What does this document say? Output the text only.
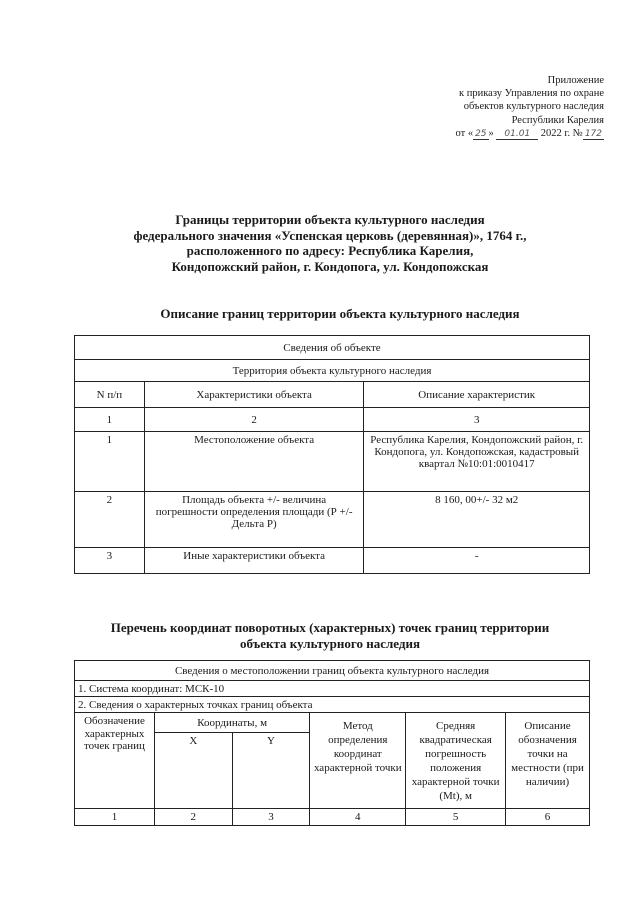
Приложение
к приказу Управления по охране
объектов культурного наследия
Республики Карелия
от « 25 » 01.01 2022 г. № 172
Границы территории объекта культурного наследия
федерального значения «Успенская церковь (деревянная)», 1764 г.,
расположенного по адресу: Республика Карелия,
Кондопожский район, г. Кондопога, ул. Кондопожская
Описание границ территории объекта культурного наследия
Сведения об объекте		
Территория объекта культурного наследия		
N п/п	Характеристики объекта	Описание характеристик
1	2	3
1	Местоположение объекта	Республика Карелия, Кондопожский район, г. Кондопога, ул. Кондопожская, кадастровый квартал №10:01:0010417
2	Площадь объекта +/- величина погрешности определения площади (Р +/- Дельта Р)	8 160, 00+/- 32 м2
3	Иные характеристики объекта	-
Перечень координат поворотных (характерных) точек границ территории
объекта культурного наследия
Сведения о местоположении границ объекта культурного наследия					
1. Система координат: МСК-10					
2. Сведения о характерных точках границ объекта					
Обозначение характерных точек границ	Координаты, м		Метод определения координат характерной точки	Средняя квадратическая погрешность положения характерной точки (Mt), м	Описание обозначения точки на местности (при наличии)
	X	Y			
1	2	3	4	5	6
